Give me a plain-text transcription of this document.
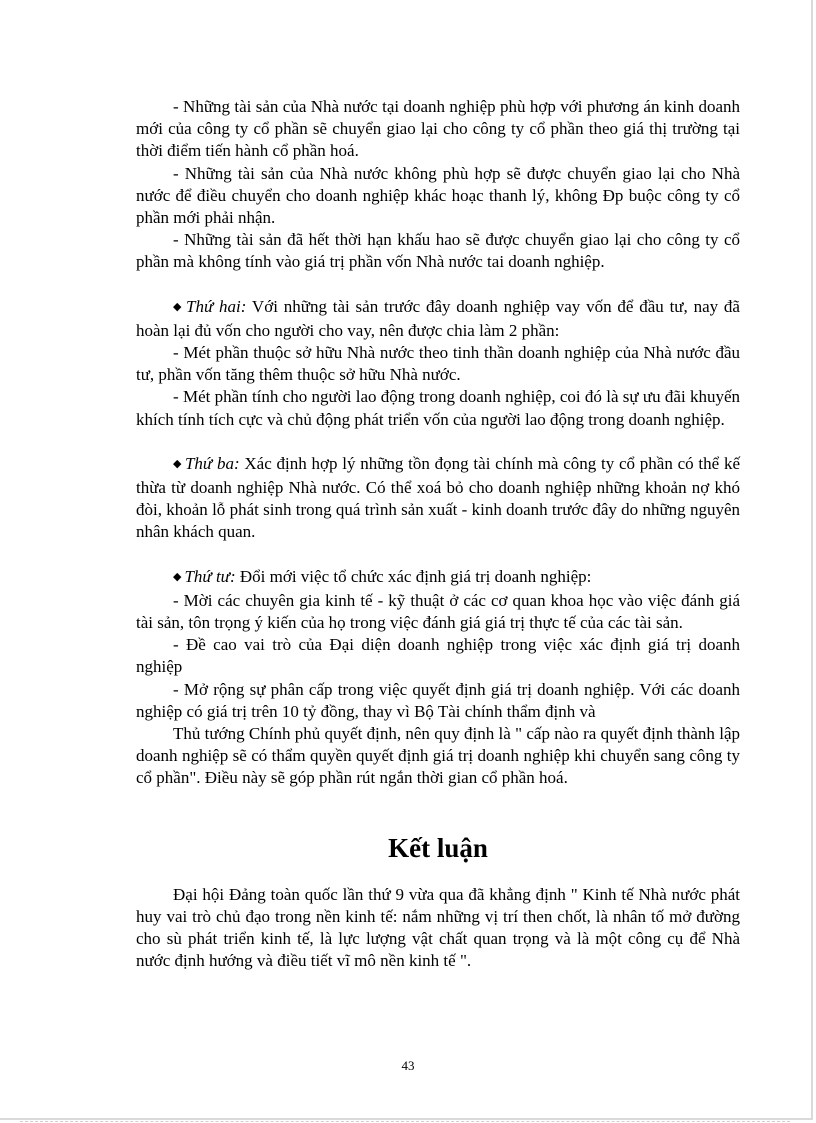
- Những tài sản của Nhà nước tại doanh nghiệp phù hợp với phương án kinh doanh mới của công ty cổ phần sẽ chuyển giao lại cho công ty cổ phần theo giá thị trường tại thời điểm tiến hành cổ phần hoá.

- Những tài sản của Nhà nước không phù hợp sẽ được chuyển giao lại cho Nhà nước để điều chuyển cho doanh nghiệp khác hoạc thanh lý, không Đp buộc công ty cổ phần mới phải nhận.

- Những tài sản đã hết thời hạn khấu hao sẽ được chuyển giao lại cho công ty cổ phần mà không tính vào giá trị phần vốn Nhà nước tai doanh nghiệp.

◆ Thứ hai: Với những tài sản trước đây doanh nghiệp vay vốn để đầu tư, nay đã hoàn lại đủ vốn cho người cho vay, nên được chia làm 2 phần:

- Mét phần thuộc sở hữu Nhà nước theo tinh thần doanh nghiệp của Nhà nước đầu tư, phần vốn tăng thêm thuộc sở hữu Nhà nước.

- Mét phần tính cho người lao động trong doanh nghiệp, coi đó là sự ưu đãi khuyến khích tính tích cực và chủ động phát triển vốn của người lao động trong doanh nghiệp.

◆ Thứ ba: Xác định hợp lý những tồn đọng tài chính mà công ty cổ phần có thể kế thừa từ doanh nghiệp Nhà nước. Có thể xoá bỏ cho doanh nghiệp những khoản nợ khó đòi, khoản lỗ phát sinh trong quá trình sản xuất - kinh doanh trước đây do những nguyên nhân khách quan.

◆ Thứ tư: Đổi mới việc tổ chức xác định giá trị doanh nghiệp:

- Mời các chuyên gia kinh tế - kỹ thuật ở các cơ quan khoa học vào việc đánh giá tài sản, tôn trọng ý kiến của họ trong việc đánh giá giá trị thực tế của các tài sản.

- Đề cao vai trò của Đại diện doanh nghiệp trong việc xác định giá trị doanh nghiệp

- Mở rộng sự phân cấp trong việc quyết định giá trị doanh nghiệp. Với các doanh nghiệp có giá trị trên 10 tỷ đồng, thay vì Bộ Tài chính thẩm định và

Thủ tướng Chính phủ quyết định, nên quy định là " cấp nào ra quyết định thành lập doanh nghiệp sẽ có thẩm quyền quyết định giá trị doanh nghiệp khi chuyển sang công ty cổ phần". Điều này sẽ góp phần rút ngắn thời gian cổ phần hoá.

Kết luận

Đại hội Đảng toàn quốc lần thứ 9 vừa qua đã khẳng định " Kinh tế Nhà nước phát huy vai trò chủ đạo trong nền kinh tế: nắm những vị trí then chốt, là nhân tố mở đường cho sù phát triển kinh tế, là lực lượng vật chất quan trọng và là một công cụ để Nhà nước định hướng và điều tiết vĩ mô nền kinh tế ".

43
